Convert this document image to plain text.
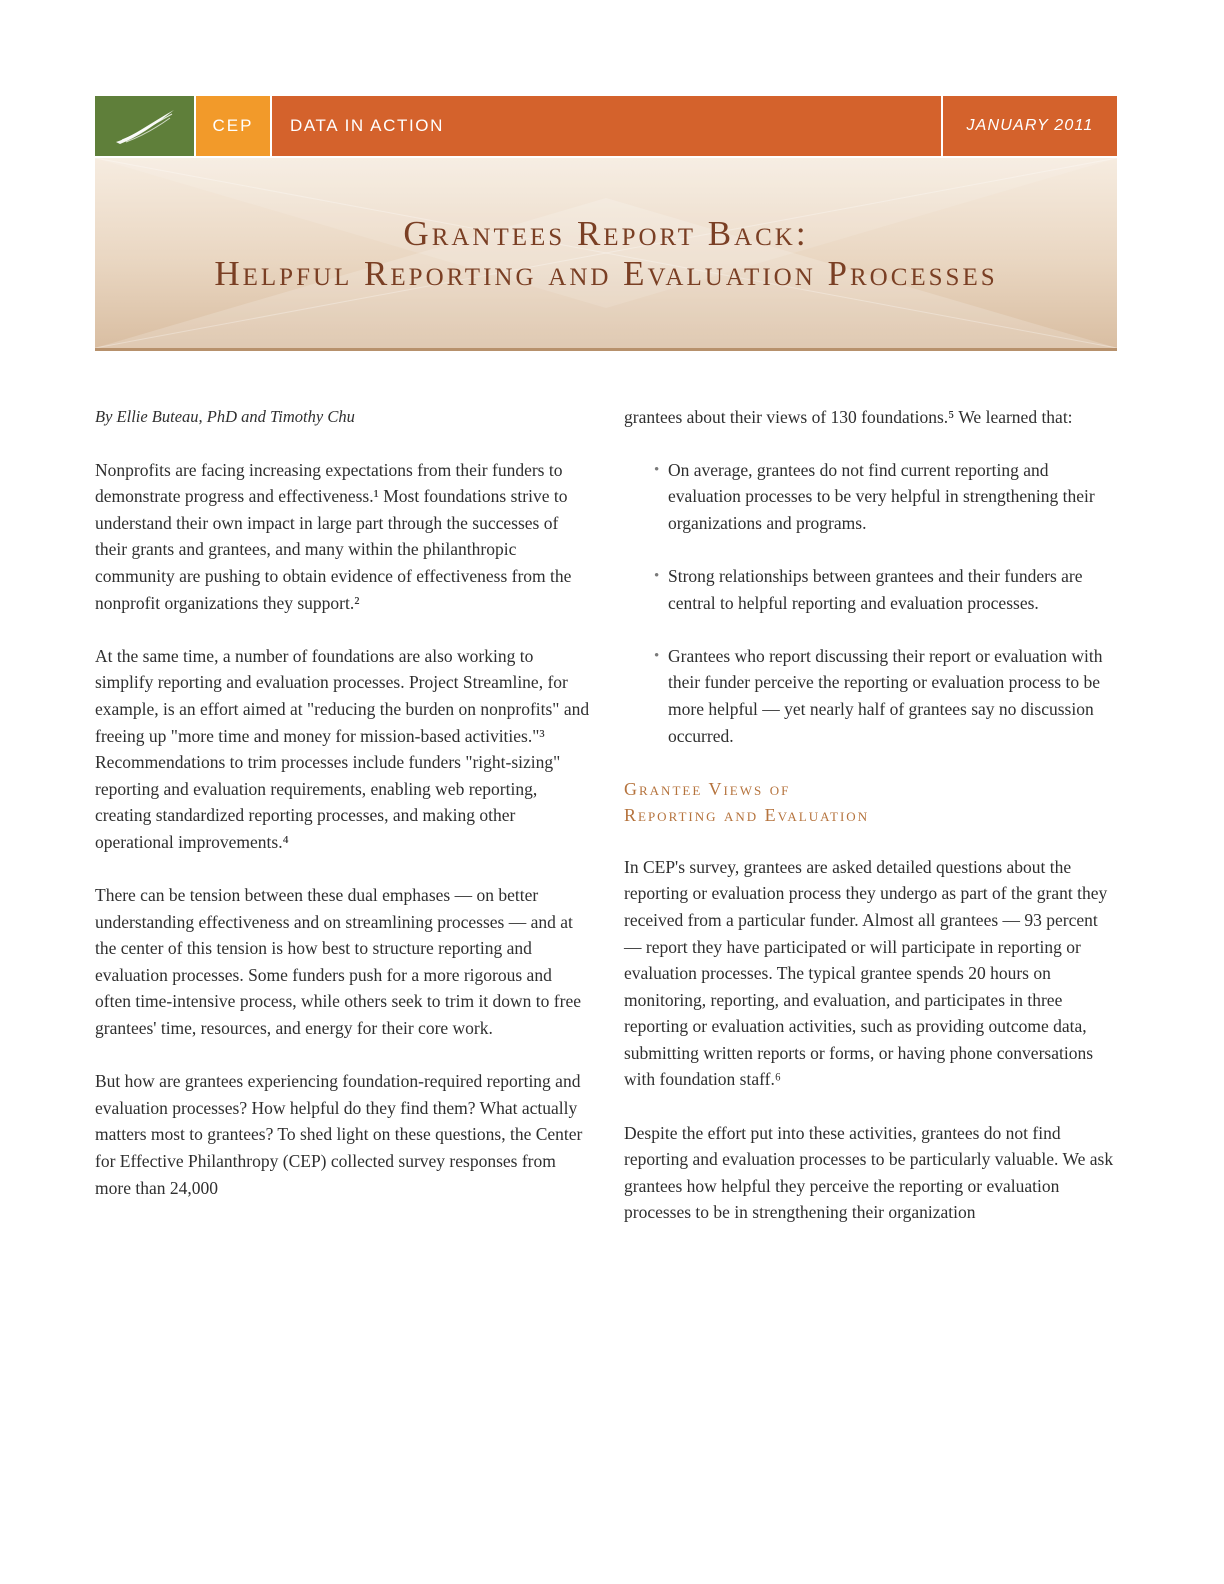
CEP	DATA IN ACTION	JANUARY 2011
Grantees Report Back:
Helpful Reporting and Evaluation Processes
By Ellie Buteau, PhD and Timothy Chu

Nonprofits are facing increasing expectations from their funders to demonstrate progress and effectiveness.¹ Most foundations strive to understand their own impact in large part through the successes of their grants and grantees, and many within the philanthropic community are pushing to obtain evidence of effectiveness from the nonprofit organizations they support.²

At the same time, a number of foundations are also working to simplify reporting and evaluation processes. Project Streamline, for example, is an effort aimed at "reducing the burden on nonprofits" and freeing up "more time and money for mission-based activities."³ Recommendations to trim processes include funders "right-sizing" reporting and evaluation requirements, enabling web reporting, creating standardized reporting processes, and making other operational improvements.⁴

There can be tension between these dual emphases — on better understanding effectiveness and on streamlining processes — and at the center of this tension is how best to structure reporting and evaluation processes. Some funders push for a more rigorous and often time-intensive process, while others seek to trim it down to free grantees' time, resources, and energy for their core work.

But how are grantees experiencing foundation-required reporting and evaluation processes? How helpful do they find them? What actually matters most to grantees? To shed light on these questions, the Center for Effective Philanthropy (CEP) collected survey responses from more than 24,000

grantees about their views of 130 foundations.⁵ We learned that:

• On average, grantees do not find current reporting and evaluation processes to be very helpful in strengthening their organizations and programs.
• Strong relationships between grantees and their funders are central to helpful reporting and evaluation processes.
• Grantees who report discussing their report or evaluation with their funder perceive the reporting or evaluation process to be more helpful — yet nearly half of grantees say no discussion occurred.
Grantee Views of
Reporting and Evaluation

In CEP's survey, grantees are asked detailed questions about the reporting or evaluation process they undergo as part of the grant they received from a particular funder. Almost all grantees — 93 percent — report they have participated or will participate in reporting or evaluation processes. The typical grantee spends 20 hours on monitoring, reporting, and evaluation, and participates in three reporting or evaluation activities, such as providing outcome data, submitting written reports or forms, or having phone conversations with foundation staff.⁶

Despite the effort put into these activities, grantees do not find reporting and evaluation processes to be particularly valuable. We ask grantees how helpful they perceive the reporting or evaluation processes to be in strengthening their organization
